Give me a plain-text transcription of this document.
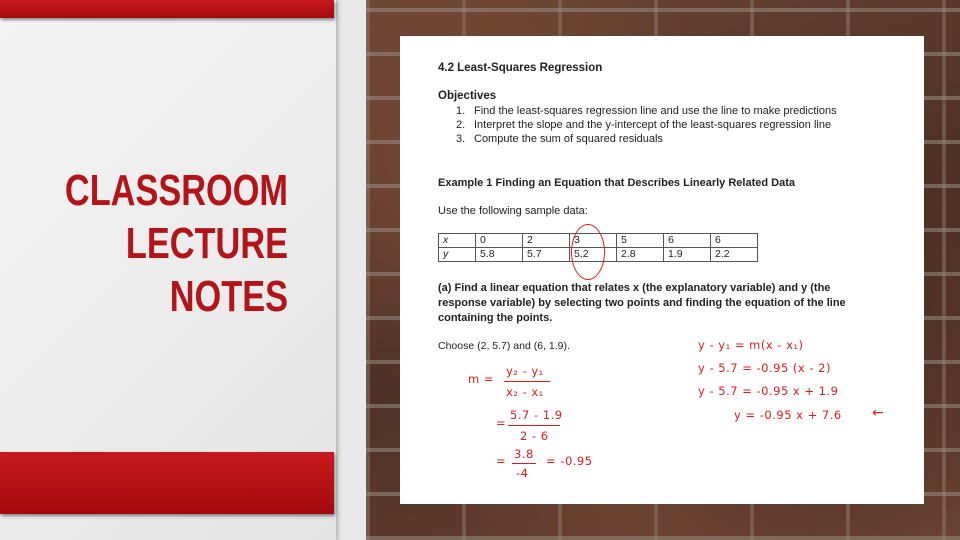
CLASSROOM
LECTURE
NOTES
4.2 Least-Squares Regression
Objectives
1. Find the least-squares regression line and use the line to make predictions
2. Interpret the slope and the y-intercept of the least-squares regression line
3. Compute the sum of squared residuals
Example 1 Finding an Equation that Describes Linearly Related Data
Use the following sample data:
x	0	2	3	5	6	6
y	5.8	5.7	5.2	2.8	1.9	2.2
(a) Find a linear equation that relates x (the explanatory variable) and y (the response variable) by selecting two points and finding the equation of the line containing the points.
Choose (2, 5.7) and (6, 1.9).
m =
y₂ - y₁
x₂ - x₁
=
5.7 - 1.9
2 - 6
= 3.8
-4
= -0.95
y - y₁ = m(x - x₁)
y - 5.7 = -0.95 (x - 2)
y - 5.7 = -0.95 x + 1.9
y = -0.95 x + 7.6 ←
